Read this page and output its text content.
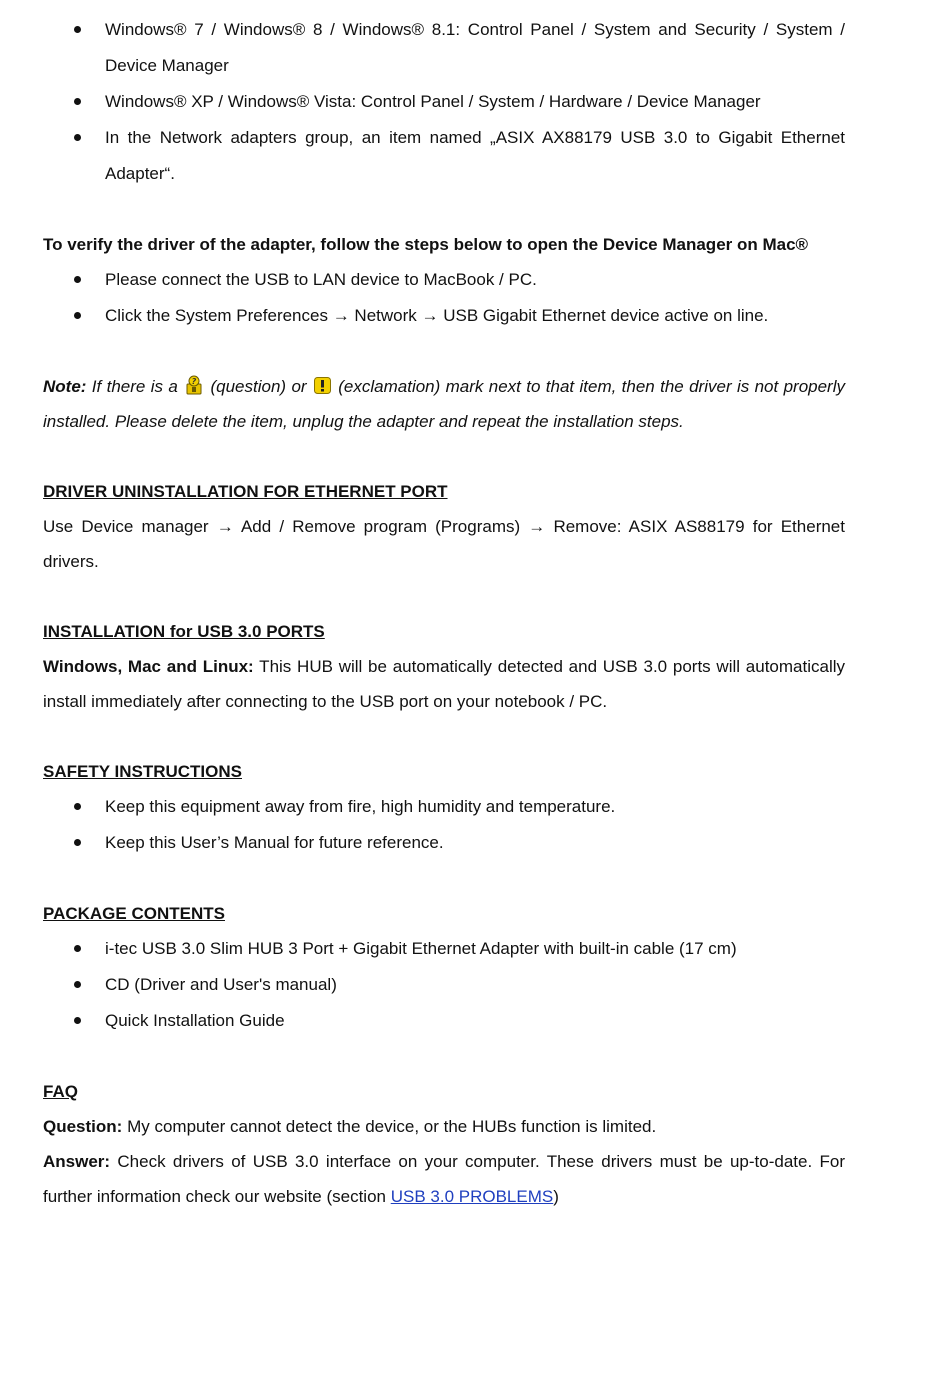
Windows® 7 / Windows® 8 / Windows® 8.1: Control Panel / System and Security / System / Device Manager
Windows® XP / Windows® Vista: Control Panel / System / Hardware / Device Manager
In the Network adapters group, an item named „ASIX AX88179 USB 3.0 to Gigabit Ethernet Adapter“.
To verify the driver of the adapter, follow the steps below to open the Device Manager on Mac®
Please connect the USB to LAN device to MacBook / PC.
Click the System Preferences → Network → USB Gigabit Ethernet device active on line.
Note: If there is a ? (question) or  (exclamation) mark next to that item, then the driver is not properly installed. Please delete the item, unplug the adapter and repeat the installation steps.
DRIVER UNINSTALLATION FOR ETHERNET PORT
Use Device manager → Add / Remove program (Programs) → Remove: ASIX AS88179 for Ethernet drivers.
INSTALLATION for USB 3.0 PORTS
Windows, Mac and Linux: This HUB will be automatically detected and USB 3.0 ports will automatically install immediately after connecting to the USB port on your notebook / PC.
SAFETY INSTRUCTIONS
Keep this equipment away from fire, high humidity and temperature.
Keep this User’s Manual for future reference.
PACKAGE CONTENTS
i-tec USB 3.0 Slim HUB 3 Port + Gigabit Ethernet Adapter with built-in cable (17 cm)
CD (Driver and User's manual)
Quick Installation Guide
FAQ
Question: My computer cannot detect the device, or the HUBs function is limited.
Answer: Check drivers of USB 3.0 interface on your computer. These drivers must be up-to-date. For further information check our website (section USB 3.0 PROBLEMS)
